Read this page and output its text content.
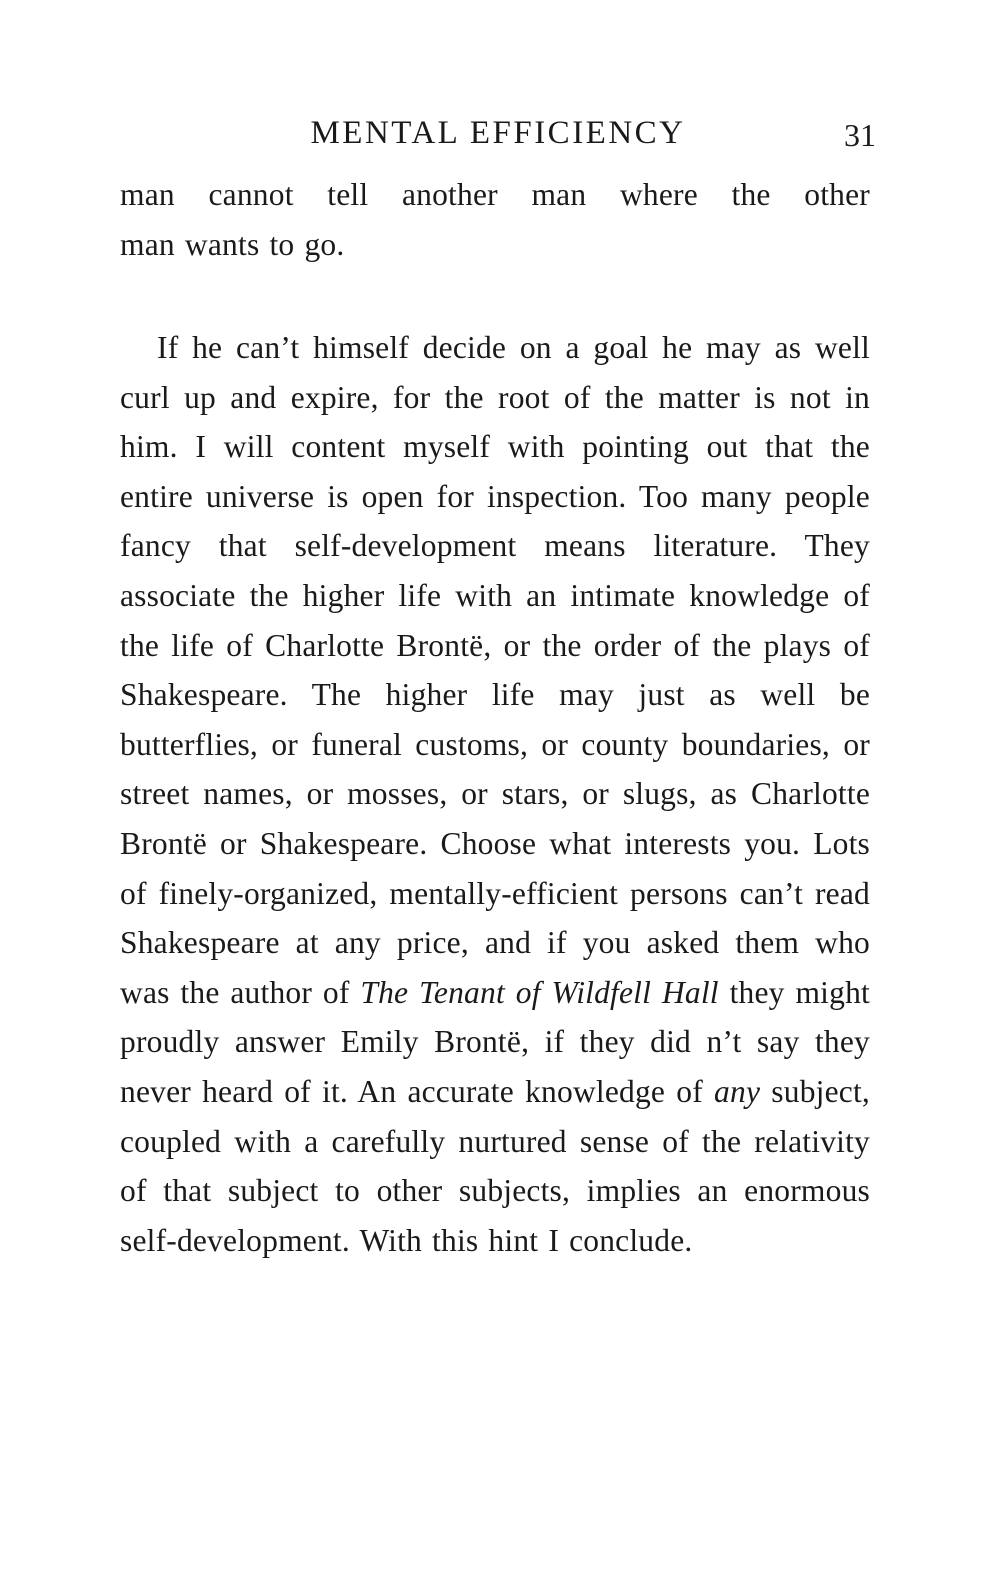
MENTAL EFFICIENCY	31
man cannot tell another man where the other
man wants to go.
If he can’t himself decide on a goal he may as well curl up and expire, for the root of the matter is not in him. I will content myself with pointing out that the entire universe is open for inspection. Too many people fancy that self-development means literature. They associate the higher life with an intimate knowledge of the life of Charlotte Brontë, or the order of the plays of Shakespeare. The higher life may just as well be butterflies, or funeral customs, or county boundaries, or street names, or mosses, or stars, or slugs, as Charlotte Brontë or Shakespeare. Choose what interests you. Lots of finely-organized, mentally-efficient persons can’t read Shakespeare at any price, and if you asked them who was the author of The Tenant of Wildfell Hall they might proudly answer Emily Brontë, if they did n’t say they never heard of it. An accurate knowledge of any subject, coupled with a carefully nurtured sense of the relativity of that subject to other subjects, implies an enormous self-development. With this hint I conclude.
